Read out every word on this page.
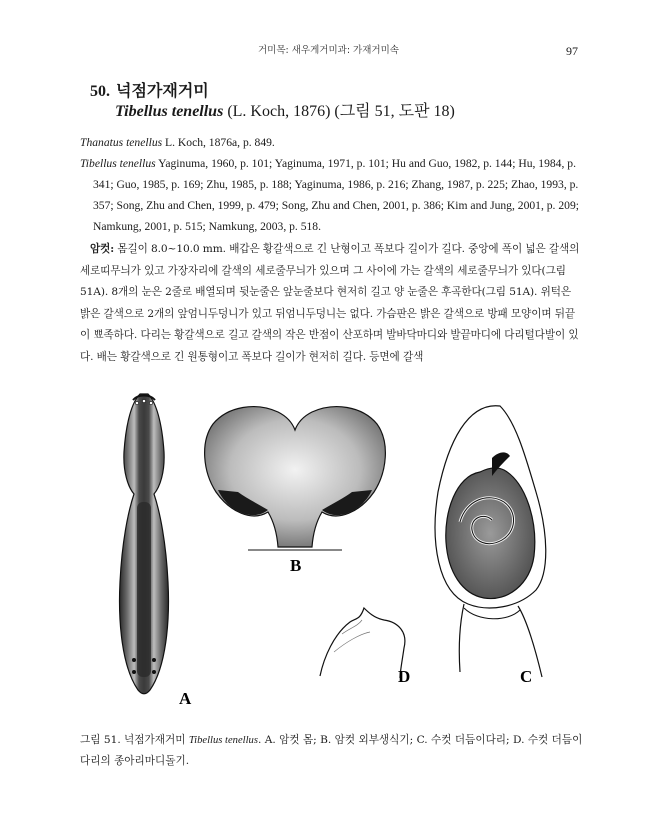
거미목: 새우게거미과: 가재거미속	97
50. 넉점가재거미
Tibellus tenellus (L. Koch, 1876) (그림 51, 도판 18)
Thanatus tenellus L. Koch, 1876a, p. 849.
Tibellus tenellus Yaginuma, 1960, p. 101; Yaginuma, 1971, p. 101; Hu and Guo, 1982, p. 144; Hu, 1984, p. 341; Guo, 1985, p. 169; Zhu, 1985, p. 188; Yaginuma, 1986, p. 216; Zhang, 1987, p. 225; Zhao, 1993, p. 357; Song, Zhu and Chen, 1999, p. 479; Song, Zhu and Chen, 2001, p. 386; Kim and Jung, 2001, p. 209; Namkung, 2001, p. 515; Namkung, 2003, p. 518.
암컷: 몸길이 8.0~10.0 mm. 배갑은 황갈색으로 긴 난형이고 폭보다 길이가 길다. 중앙에 폭이 넓은 갈색의 세로띠무늬가 있고 가장자리에 갈색의 세로줄무늬가 있으며 그 사이에 가는 갈색의 세로줄무늬가 있다(그림 51A). 8개의 눈은 2줄로 배열되며 뒷눈줄은 앞눈줄보다 현저히 길고 양 눈줄은 후곡한다(그림 51A). 위턱은 밝은 갈색으로 2개의 앞엄니두덩니가 있고 뒤엄니두덩니는 없다. 가슴판은 밝은 갈색으로 방패 모양이며 뒤끝이 뾰족하다. 다리는 황갈색으로 길고 갈색의 작은 반점이 산포하며 발바닥마디와 발끝마디에 다리털다발이 있다. 배는 황갈색으로 긴 원통형이고 폭보다 길이가 현저히 길다. 등면에 갈색
A
B
C
D
그림 51. 넉점가재거미 Tibellus tenellus. A. 암컷 몸; B. 암컷 외부생식기; C. 수컷 더듬이다리; D. 수컷 더듬이다리의 종아리마디돌기.
